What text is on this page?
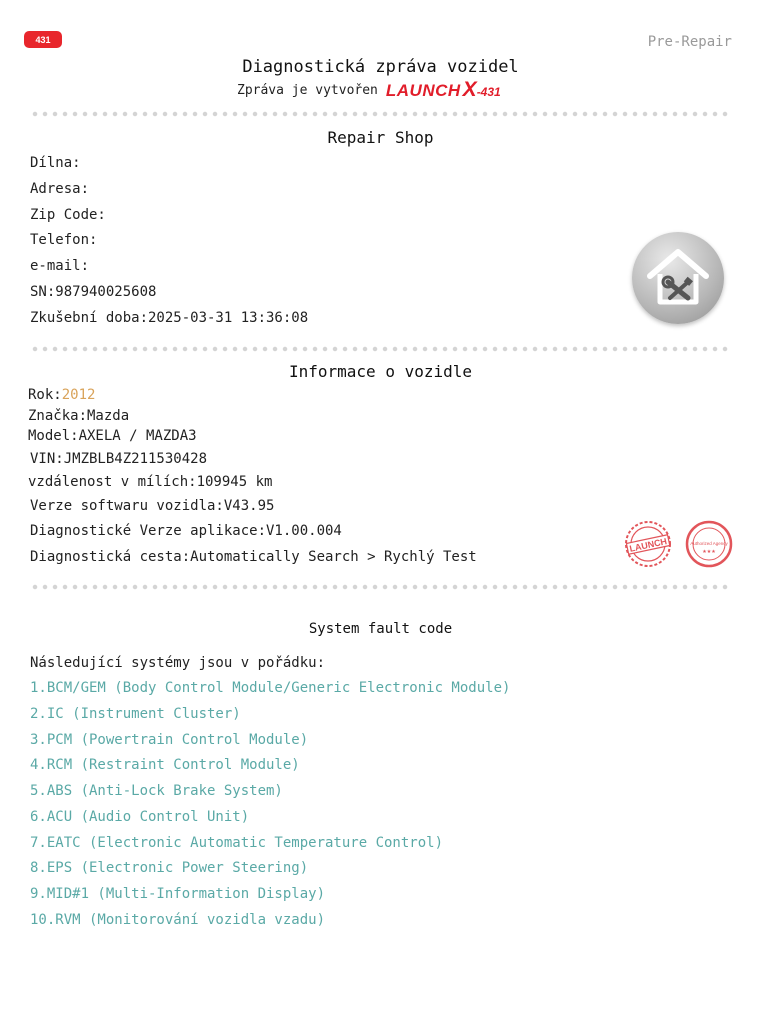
431	Pre-Repair
Diagnostická zpráva vozidel
Zpráva je vytvořen LAUNCH X -431
Repair Shop
Dílna:
Adresa:
Zip Code:
Telefon:
e-mail:
SN:987940025608
Zkušební doba:2025-03-31 13:36:08
Informace o vozidle
Rok:2012
Značka:Mazda
Model:AXELA / MAZDA3
VIN:JMZBLB4Z211530428
vzdálenost v mílích:109945 km
Verze softwaru vozidla:V43.95
Diagnostické Verze aplikace:V1.00.004
Diagnostická cesta:Automatically Search > Rychlý Test
LAUNCH	Authorized Agency
★★★
System fault code
Následující systémy jsou v pořádku:
1.BCM/GEM (Body Control Module/Generic Electronic Module)
2.IC (Instrument Cluster)
3.PCM (Powertrain Control Module)
4.RCM (Restraint Control Module)
5.ABS (Anti-Lock Brake System)
6.ACU (Audio Control Unit)
7.EATC (Electronic Automatic Temperature Control)
8.EPS (Electronic Power Steering)
9.MID#1 (Multi-Information Display)
10.RVM (Monitorování vozidla vzadu)
